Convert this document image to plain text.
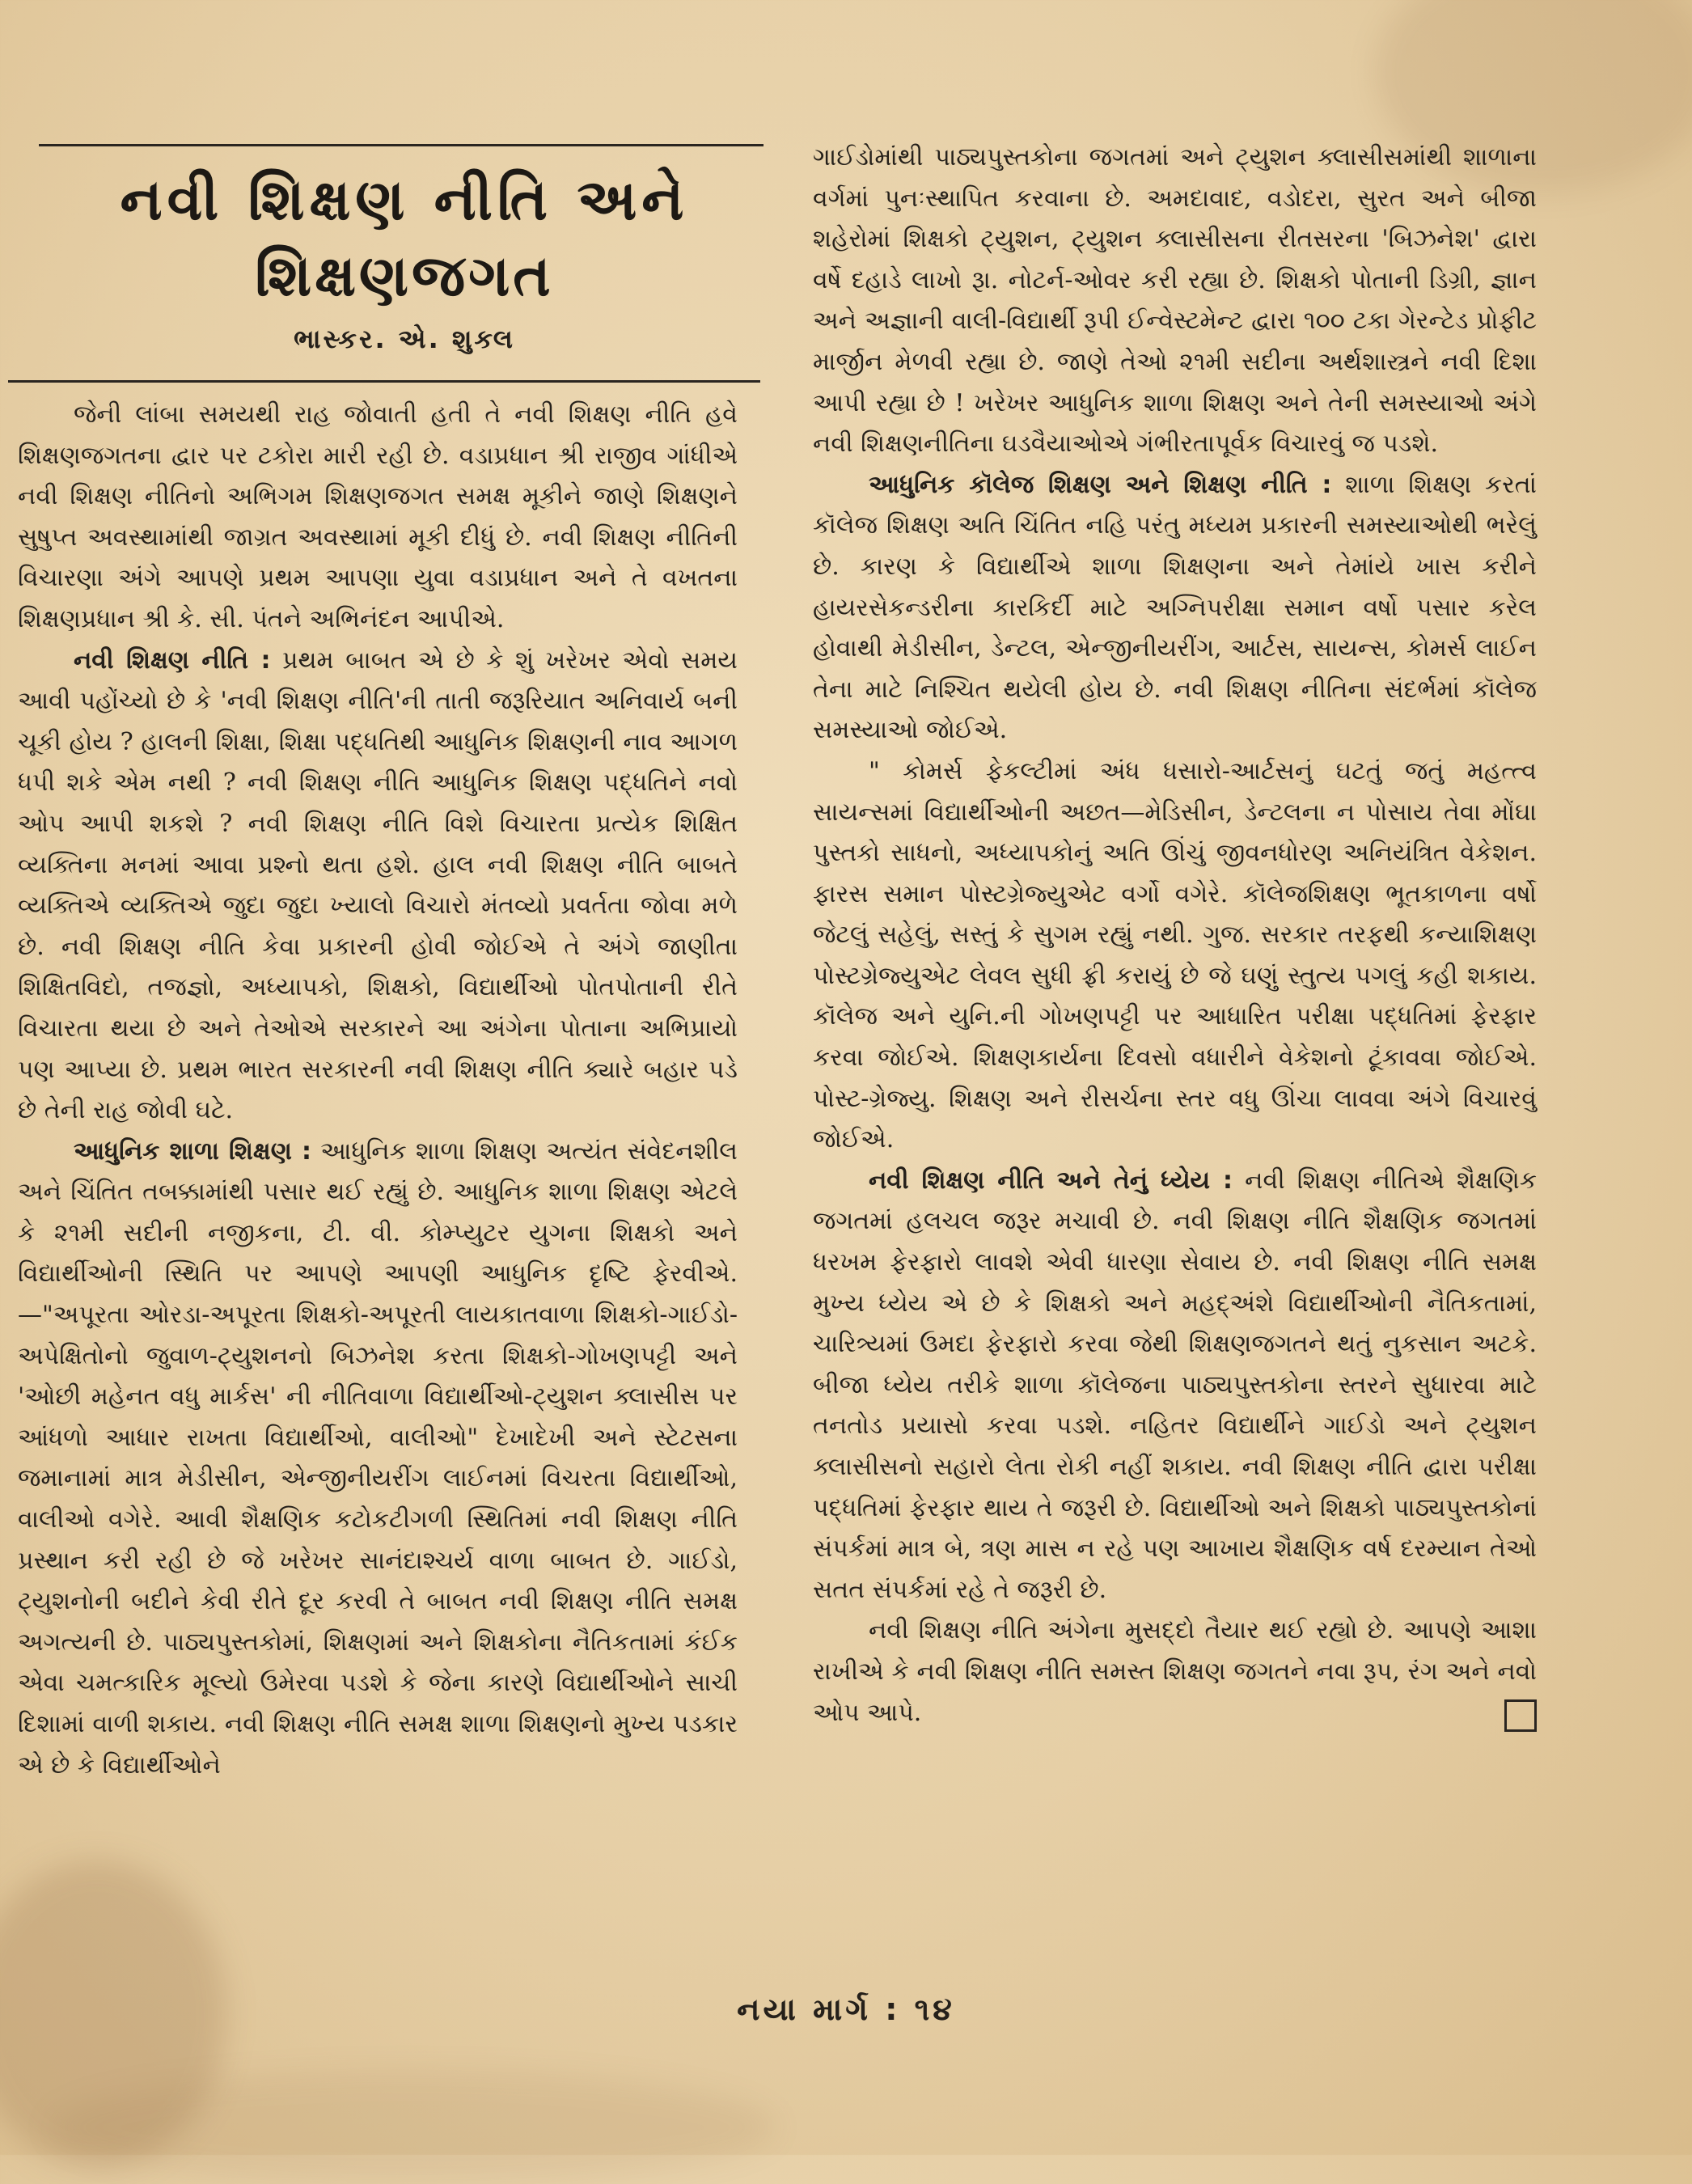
નવી શિક્ષણ નીતિ અને
શિક્ષણજગત
ભાસ્કર. એ. શુક્લ

જેની લાંબા સમયથી રાહ જોવાતી હતી તે નવી શિક્ષણ નીતિ હવે શિક્ષણજગતના દ્વાર પર ટકોરા મારી રહી છે. વડાપ્રધાન શ્રી રાજીવ ગાંધીએ નવી શિક્ષણ નીતિનો અભિગમ શિક્ષણજગત સમક્ષ મૂકીને જાણે શિક્ષણને સુષુપ્ત અવસ્થામાંથી જાગ્રત અવસ્થામાં મૂકી દીધું છે. નવી શિક્ષણ નીતિની વિચારણા અંગે આપણે પ્રથમ આપણા યુવા વડાપ્રધાન અને તે વખતના શિક્ષણપ્રધાન શ્રી કે. સી. પંતને અભિનંદન આપીએ.

નવી શિક્ષણ નીતિ : પ્રથમ બાબત એ છે કે શું ખરેખર એવો સમય આવી પહોંચ્યો છે કે 'નવી શિક્ષણ નીતિ'ની તાતી જરૂરિયાત અનિવાર્ય બની ચૂકી હોય ? હાલની શિક્ષા, શિક્ષા પદ્ધતિથી આધુનિક શિક્ષણની નાવ આગળ ધપી શકે એમ નથી ? નવી શિક્ષણ નીતિ આધુનિક શિક્ષણ પદ્ધતિને નવો ઓપ આપી શકશે ? નવી શિક્ષણ નીતિ વિશે વિચારતા પ્રત્યેક શિક્ષિત વ્યક્તિના મનમાં આવા પ્રશ્નો થતા હશે. હાલ નવી શિક્ષણ નીતિ બાબતે વ્યક્તિએ વ્યક્તિએ જુદા જુદા ખ્યાલો વિચારો મંતવ્યો પ્રવર્તતા જોવા મળે છે. નવી શિક્ષણ નીતિ કેવા પ્રકારની હોવી જોઈએ તે અંગે જાણીતા શિક્ષિતવિદો, તજજ્ઞો, અધ્યાપકો, શિક્ષકો, વિદ્યાર્થીઓ પોતપોતાની રીતે વિચારતા થયા છે અને તેઓએ સરકારને આ અંગેના પોતાના અભિપ્રાયો પણ આપ્યા છે. પ્રથમ ભારત સરકારની નવી શિક્ષણ નીતિ ક્યારે બહાર પડે છે તેની રાહ જોવી ઘટે.

આધુનિક શાળા શિક્ષણ : આધુનિક શાળા શિક્ષણ અત્યંત સંવેદનશીલ અને ચિંતિત તબક્કામાંથી પસાર થઈ રહ્યું છે. આધુનિક શાળા શિક્ષણ એટલે કે ૨૧મી સદીની નજીકના, ટી. વી. કોમ્પ્યુટર યુગના શિક્ષકો અને વિદ્યાર્થીઓની સ્થિતિ પર આપણે આપણી આધુનિક દૃષ્ટિ ફેરવીએ.—"અપૂરતા ઓરડા-અપૂરતા શિક્ષકો-અપૂરતી લાયકાતવાળા શિક્ષકો-ગાઈડો-અપેક્ષિતોનો જુવાળ-ટ્યુશનનો બિઝનેશ કરતા શિક્ષકો-ગોખણપટ્ટી અને 'ઓછી મહેનત વધુ માર્કસ' ની નીતિવાળા વિદ્યાર્થીઓ-ટ્યુશન ક્લાસીસ પર આંધળો આધાર રાખતા વિદ્યાર્થીઓ, વાલીઓ" દેખાદેખી અને સ્ટેટસના જમાનામાં માત્ર મેડીસીન, એન્જીનીયરીંગ લાઈનમાં વિચરતા વિદ્યાર્થીઓ, વાલીઓ વગેરે. આવી શૈક્ષણિક કટોકટીગળી સ્થિતિમાં નવી શિક્ષણ નીતિ પ્રસ્થાન કરી રહી છે જે ખરેખર સાનંદાશ્ચર્ય વાળા બાબત છે. ગાઈડો, ટ્યુશનોની બદીને કેવી રીતે દૂર કરવી તે બાબત નવી શિક્ષણ નીતિ સમક્ષ અગત્યની છે. પાઠ્યપુસ્તકોમાં, શિક્ષણમાં અને શિક્ષકોના નૈતિકતામાં કંઈક એવા ચમત્કારિક મૂલ્યો ઉમેરવા પડશે કે જેના કારણે વિદ્યાર્થીઓને સાચી દિશામાં વાળી શકાય. નવી શિક્ષણ નીતિ સમક્ષ શાળા શિક્ષણનો મુખ્ય પડકાર એ છે કે વિદ્યાર્થીઓને

ગાઈડોમાંથી પાઠ્યપુસ્તકોના જગતમાં અને ટ્યુશન ક્લાસીસમાંથી શાળાના વર્ગમાં પુનઃસ્થાપિત કરવાના છે. અમદાવાદ, વડોદરા, સુરત અને બીજા શહેરોમાં શિક્ષકો ટ્યુશન, ટ્યુશન ક્લાસીસના રીતસરના 'બિઝનેશ' દ્વારા વર્ષે દહાડે લાખો રૂા. નોટર્ન-ઓવર કરી રહ્યા છે. શિક્ષકો પોતાની ડિગ્રી, જ્ઞાન અને અજ્ઞાની વાલી-વિદ્યાર્થી રૂપી ઈન્વેસ્ટમેન્ટ દ્વારા ૧૦૦ ટકા ગેરન્ટેડ પ્રોફીટ માર્જીન મેળવી રહ્યા છે. જાણે તેઓ ૨૧મી સદીના અર્થશાસ્ત્રને નવી દિશા આપી રહ્યા છે ! ખરેખર આધુનિક શાળા શિક્ષણ અને તેની સમસ્યાઓ અંગે નવી શિક્ષણનીતિના ઘડવૈયાઓએ ગંભીરતાપૂર્વક વિચારવું જ પડશે.

આધુનિક કૉલેજ શિક્ષણ અને શિક્ષણ નીતિ : શાળા શિક્ષણ કરતાં કૉલેજ શિક્ષણ અતિ ચિંતિત નહિ પરંતુ મધ્યમ પ્રકારની સમસ્યાઓથી ભરેલું છે. કારણ કે વિદ્યાર્થીએ શાળા શિક્ષણના અને તેમાંયે ખાસ કરીને હાયરસેકન્ડરીના કારકિર્દી માટે અગ્નિપરીક્ષા સમાન વર્ષો પસાર કરેલ હોવાથી મેડીસીન, ડેન્ટલ, એન્જીનીયરીંગ, આર્ટસ, સાયન્સ, કોમર્સ લાઈન તેના માટે નિશ્ચિત થયેલી હોય છે. નવી શિક્ષણ નીતિના સંદર્ભમાં કૉલેજ સમસ્યાઓ જોઈએ.

" કોમર્સ ફેકલ્ટીમાં અંધ ધસારો-આર્ટસનું ઘટતું જતું મહત્ત્વ સાયન્સમાં વિદ્યાર્થીઓની અછત—મેડિસીન, ડેન્ટલના ન પોસાય તેવા મોંઘા પુસ્તકો સાધનો, અધ્યાપકોનું અતિ ઊંચું જીવનધોરણ અનિયંત્રિત વેકેશન. ફારસ સમાન પોસ્ટગ્રેજ્યુએટ વર્ગો વગેરે. કૉલેજશિક્ષણ ભૂતકાળના વર્ષો જેટલું સહેલું, સસ્તું કે સુગમ રહ્યું નથી. ગુજ. સરકાર તરફથી કન્યાશિક્ષણ પોસ્ટગ્રેજ્યુએટ લેવલ સુધી ફ્રી કરાયું છે જે ઘણું સ્તુત્ય પગલું કહી શકાય. કૉલેજ અને યુનિ.ની ગોખણપટ્ટી પર આધારિત પરીક્ષા પદ્ધતિમાં ફેરફાર કરવા જોઈએ. શિક્ષણકાર્યના દિવસો વધારીને વેકેશનો ટૂંકાવવા જોઈએ. પોસ્ટ-ગ્રેજ્યુ. શિક્ષણ અને રીસર્ચના સ્તર વધુ ઊંચા લાવવા અંગે વિચારવું જોઈએ.

નવી શિક્ષણ નીતિ અને તેનું ધ્યેય : નવી શિક્ષણ નીતિએ શૈક્ષણિક જગતમાં હલચલ જરૂર મચાવી છે. નવી શિક્ષણ નીતિ શૈક્ષણિક જગતમાં ધરખમ ફેરફારો લાવશે એવી ધારણા સેવાય છે. નવી શિક્ષણ નીતિ સમક્ષ મુખ્ય ધ્યેય એ છે કે શિક્ષકો અને મહદ્અંશે વિદ્યાર્થીઓની નૈતિકતામાં, ચારિત્ર્યમાં ઉમદા ફેરફારો કરવા જેથી શિક્ષણજગતને થતું નુકસાન અટકે. બીજા ધ્યેય તરીકે શાળા કૉલેજના પાઠ્યપુસ્તકોના સ્તરને સુધારવા માટે તનતોડ પ્રયાસો કરવા પડશે. નહિતર વિદ્યાર્થીને ગાઈડો અને ટ્યુશન ક્લાસીસનો સહારો લેતા રોકી નહીં શકાય. નવી શિક્ષણ નીતિ દ્વારા પરીક્ષા પદ્ધતિમાં ફેરફાર થાય તે જરૂરી છે. વિદ્યાર્થીઓ અને શિક્ષકો પાઠ્યપુસ્તકોનાં સંપર્કમાં માત્ર બે, ત્રણ માસ ન રહે પણ આખાય શૈક્ષણિક વર્ષ દરમ્યાન તેઓ સતત સંપર્કમાં રહે તે જરૂરી છે.

નવી શિક્ષણ નીતિ અંગેના મુસદ્દો તૈયાર થઈ રહ્યો છે. આપણે આશા રાખીએ કે નવી શિક્ષણ નીતિ સમસ્ત શિક્ષણ જગતને નવા રૂપ, રંગ અને નવો ઓપ આપે.

નયા માર્ગ : ૧૪
